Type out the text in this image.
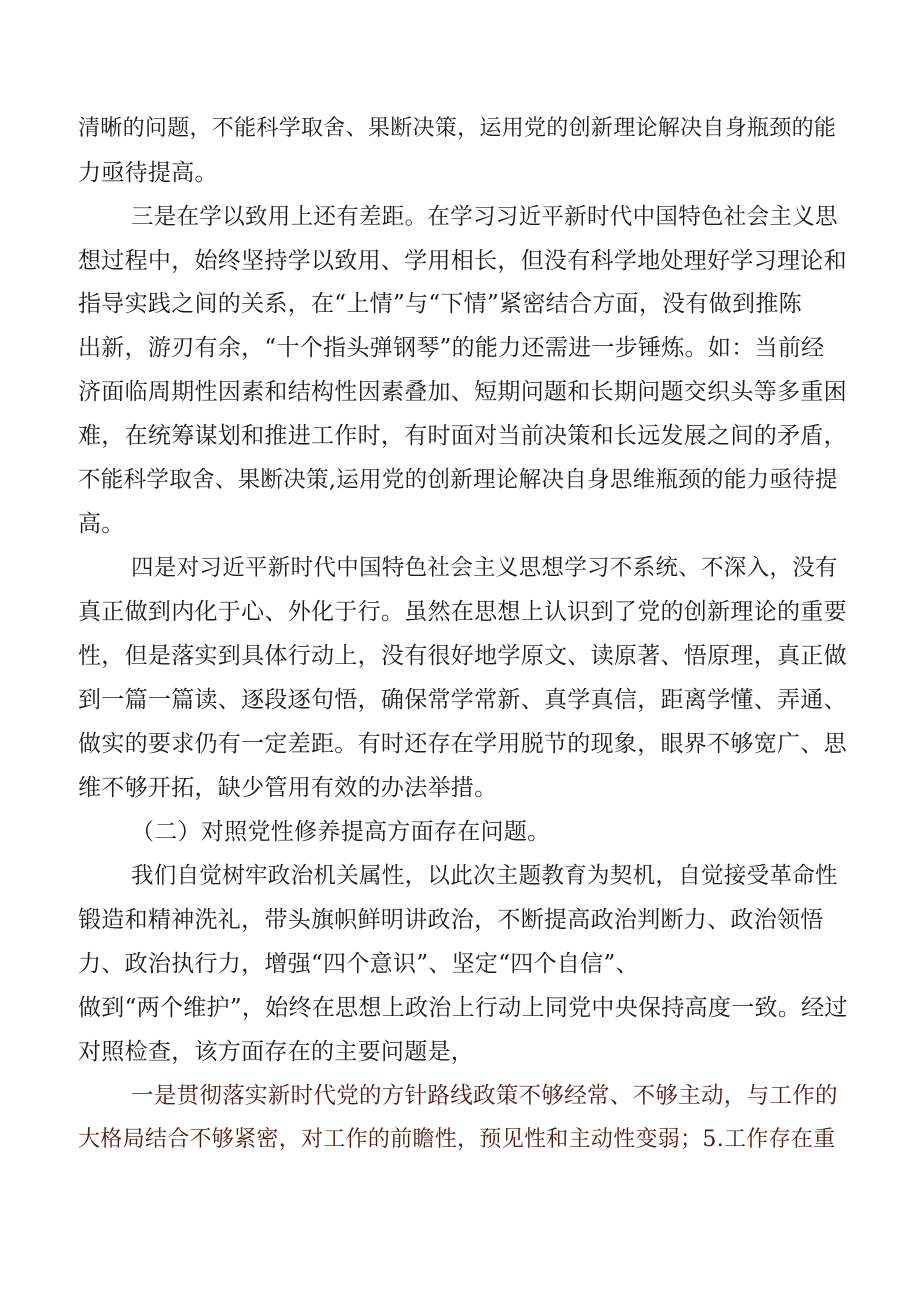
清晰的问题，不能科学取舍、果断决策，运用党的创新理论解决自身瓶颈的能

力亟待提高。

三是在学以致用上还有差距。在学习习近平新时代中国特色社会主义思

想过程中，始终坚持学以致用、学用相长，但没有科学地处理好学习理论和

指导实践之间的关系，在“上情”与“下情”紧密结合方面，没有做到推陈

出新，游刃有余，“十个指头弹钢琴”的能力还需进一步锤炼。如：当前经

济面临周期性因素和结构性因素叠加、短期问题和长期问题交织头等多重困

难，在统筹谋划和推进工作时，有时面对当前决策和长远发展之间的矛盾，

不能科学取舍、果断决策,运用党的创新理论解决自身思维瓶颈的能力亟待提

高。

四是对习近平新时代中国特色社会主义思想学习不系统、不深入，没有

真正做到内化于心、外化于行。虽然在思想上认识到了党的创新理论的重要

性，但是落实到具体行动上，没有很好地学原文、读原著、悟原理，真正做

到一篇一篇读、逐段逐句悟，确保常学常新、真学真信，距离学懂、弄通、

做实的要求仍有一定差距。有时还存在学用脱节的现象，眼界不够宽广、思

维不够开拓，缺少管用有效的办法举措。

（二）对照党性修养提高方面存在问题。

我们自觉树牢政治机关属性，以此次主题教育为契机，自觉接受革命性

锻造和精神洗礼，带头旗帜鲜明讲政治，不断提高政治判断力、政治领悟

力、政治执行力，增强“四个意识”、坚定“四个自信”、

做到“两个维护”，始终在思想上政治上行动上同党中央保持高度一致。经过

对照检查，该方面存在的主要问题是，

一是贯彻落实新时代党的方针路线政策不够经常、不够主动，与工作的

大格局结合不够紧密，对工作的前瞻性，预见性和主动性变弱；5.工作存在重
